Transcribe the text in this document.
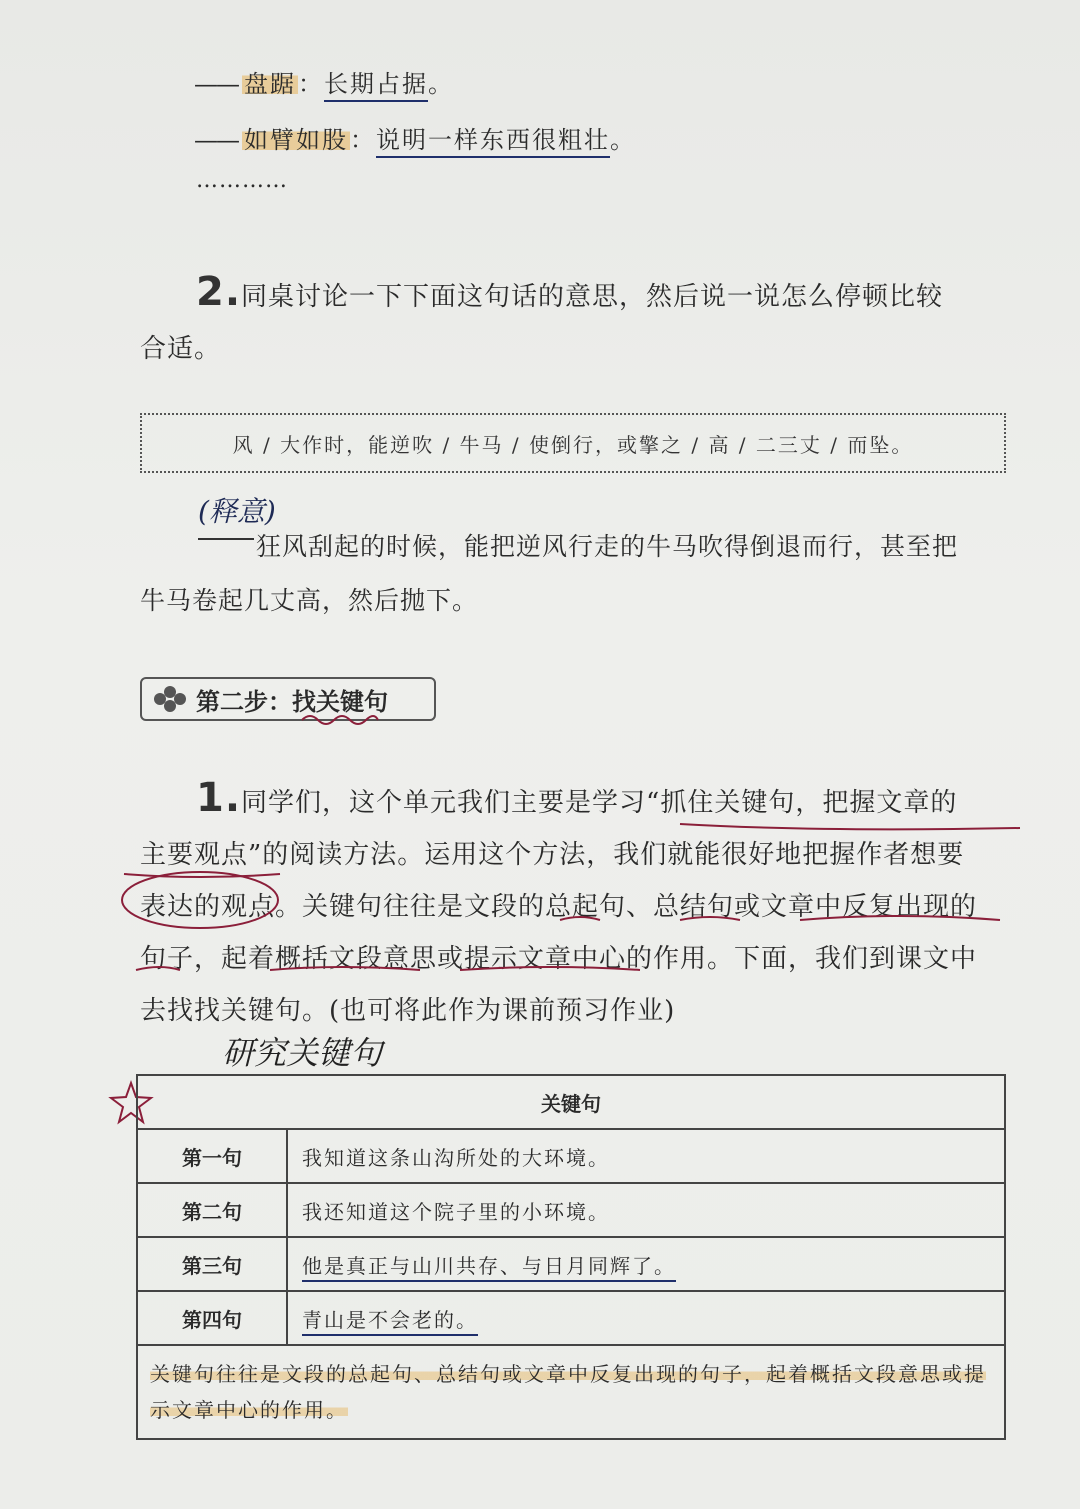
—— 盘踞：长期占据。
—— 如臂如股：说明一样东西很粗壮。
…………
2.同桌讨论一下下面这句话的意思，然后说一说怎么停顿比较
合适。
风 / 大作时，能逆吹 / 牛马 / 使倒行，或擎之 / 高 / 二三丈 / 而坠。
(释意)
狂风刮起的时候，能把逆风行走的牛马吹得倒退而行，甚至把
牛马卷起几丈高，然后抛下。
第二步：找关键句
1.同学们，这个单元我们主要是学习“抓住关键句，把握文章的
主要观点”的阅读方法。运用这个方法，我们就能很好地把握作者想要
表达的观点。关键句往往是文段的总起句、总结句或文章中反复出现的
句子，起着概括文段意思或提示文章中心的作用。下面，我们到课文中
去找找关键句。(也可将此作为课前预习作业)
研究关键句
关键句	
第一句	我知道这条山沟所处的大环境。
第二句	我还知道这个院子里的小环境。
第三句	他是真正与山川共存、与日月同辉了。
第四句	青山是不会老的。
关键句往往是文段的总起句、总结句或文章中反复出现的句子，起着概括文段意思或提示文章中心的作用。	
